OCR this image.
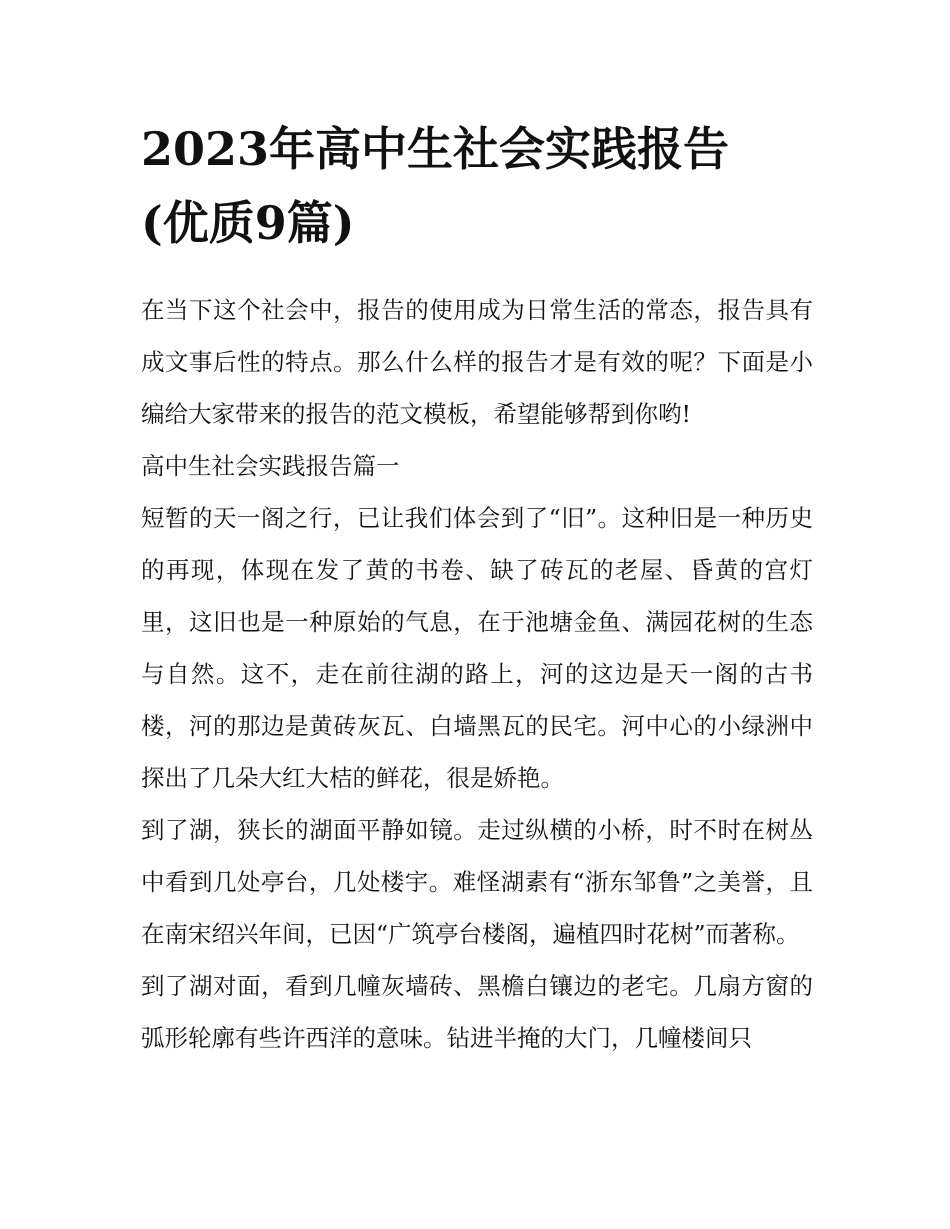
2023年高中生社会实践报告
(优质9篇)

在当下这个社会中，报告的使用成为日常生活的常态，报告具有成文事后性的特点。那么什么样的报告才是有效的呢？下面是小编给大家带来的报告的范文模板，希望能够帮到你哟!

高中生社会实践报告篇一

短暂的天一阁之行，已让我们体会到了“旧”。这种旧是一种历史的再现，体现在发了黄的书卷、缺了砖瓦的老屋、昏黄的宫灯里，这旧也是一种原始的气息，在于池塘金鱼、满园花树的生态与自然。这不，走在前往湖的路上，河的这边是天一阁的古书楼，河的那边是黄砖灰瓦、白墙黑瓦的民宅。河中心的小绿洲中探出了几朵大红大桔的鲜花，很是娇艳。

到了湖，狭长的湖面平静如镜。走过纵横的小桥，时不时在树丛中看到几处亭台，几处楼宇。难怪湖素有“浙东邹鲁”之美誉，且在南宋绍兴年间，已因“广筑亭台楼阁，遍植四时花树”而著称。

到了湖对面，看到几幢灰墙砖、黑檐白镶边的老宅。几扇方窗的弧形轮廓有些许西洋的意味。钻进半掩的大门，几幢楼间只
